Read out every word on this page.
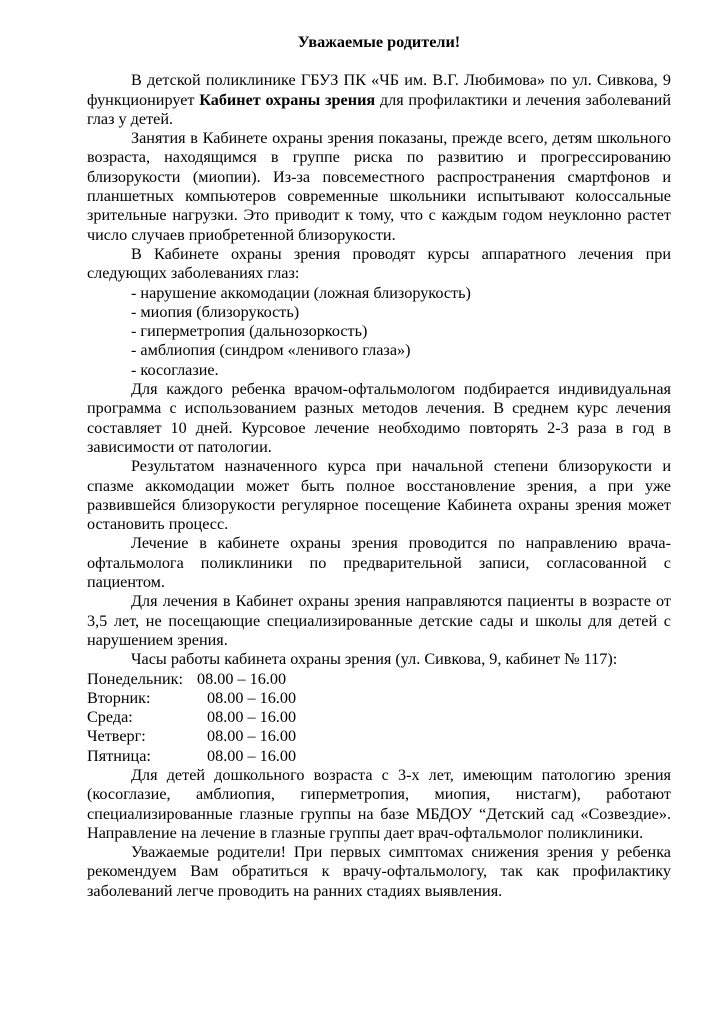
Уважаемые родители!

В детской поликлинике ГБУЗ ПК «ЧБ им. В.Г. Любимова» по ул. Сивкова, 9 функционирует Кабинет охраны зрения для профилактики и лечения заболеваний глаз у детей.

Занятия в Кабинете охраны зрения показаны, прежде всего, детям школьного возраста, находящимся в группе риска по развитию и прогрессированию близорукости (миопии). Из-за повсеместного распространения смартфонов и планшетных компьютеров современные школьники испытывают колоссальные зрительные нагрузки. Это приводит к тому, что с каждым годом неуклонно растет число случаев приобретенной близорукости.

В Кабинете охраны зрения проводят курсы аппаратного лечения при следующих заболеваниях глаз:

- нарушение аккомодации (ложная близорукость)
- миопия (близорукость)
- гиперметропия (дальнозоркость)
- амблиопия (синдром «ленивого глаза»)
- косоглазие.

Для каждого ребенка врачом-офтальмологом подбирается индивидуальная программа с использованием разных методов лечения. В среднем курс лечения составляет 10 дней. Курсовое лечение необходимо повторять 2-3 раза в год в зависимости от патологии.

Результатом назначенного курса при начальной степени близорукости и спазме аккомодации может быть полное восстановление зрения, а при уже развившейся близорукости регулярное посещение Кабинета охраны зрения может остановить процесс.

Лечение в кабинете охраны зрения проводится по направлению врача-офтальмолога поликлиники по предварительной записи, согласованной с пациентом.

Для лечения в Кабинет охраны зрения направляются пациенты в возрасте от 3,5 лет, не посещающие специализированные детские сады и школы для детей с нарушением зрения.

Часы работы кабинета охраны зрения (ул. Сивкова, 9, кабинет № 117):

Понедельник: 08.00 – 16.00
Вторник:	08.00 – 16.00
Среда:	08.00 – 16.00
Четверг:	08.00 – 16.00
Пятница:	08.00 – 16.00

Для детей дошкольного возраста с 3-х лет, имеющим патологию зрения (косоглазие, амблиопия, гиперметропия, миопия, нистагм), работают специализированные глазные группы на базе МБДОУ “Детский сад «Созвездие». Направление на лечение в глазные группы дает врач-офтальмолог поликлиники.

Уважаемые родители! При первых симптомах снижения зрения у ребенка рекомендуем Вам обратиться к врачу-офтальмологу, так как профилактику заболеваний легче проводить на ранних стадиях выявления.
